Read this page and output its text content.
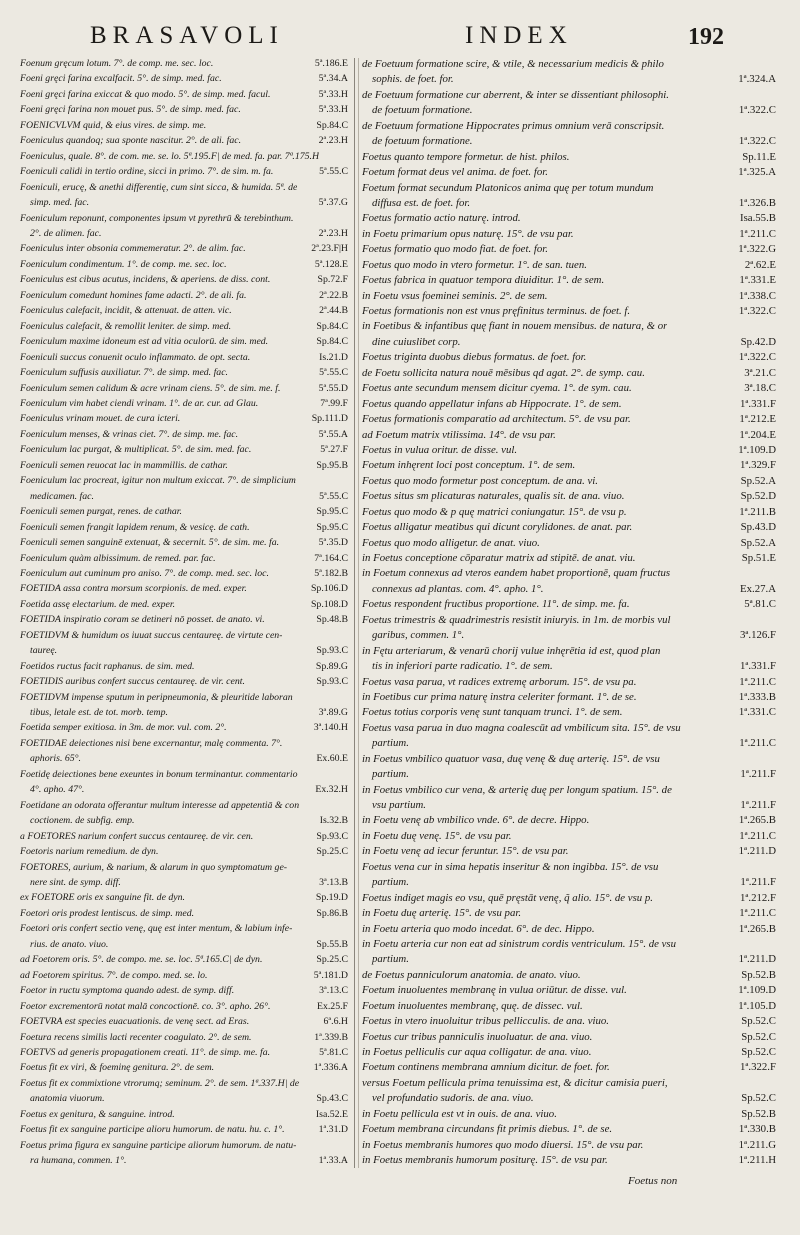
BRASAVOLI	INDEX	192
Foenum gręcum lotum. 7°. de comp. me. sec. loc.	5ª.186.E
Foeni gręci farina excalfacit. 5°. de simp. med. fac.	5ª.34.A
Foeni gręci farina exiccat & quo modo. 5°. de simp. med. facul.	5ª.33.H
Foeni gręci farina non mouet pus. 5°. de simp. med. fac.	5ª.33.H
FOENICVLVM quid, & eius vires. de simp. me.	Sp.84.C
Foeniculus quandoq; sua sponte nascitur. 2°. de ali. fac.	2ª.23.H
Foeniculus, quale. 8°. de com. me. se. lo. 5ª.195.F| de med. fa. par. 7ª.175.H
Foeniculi calidi in tertio ordine, sicci in primo. 7°. de sim. m. fa.	5ª.55.C
Foeniculi, erucę, & anethi differentię, cum sint sicca, & humida. 5ª. de
simp. med. fac.	5ª.37.G
Foeniculum reponunt, componentes ipsum vt pyrethrū & terebinthum.
2°. de alimen. fac.	2ª.23.H
Foeniculus inter obsonia commemeratur. 2°. de alim. fac.	2ª.23.F|H
Foeniculum condimentum. 1°. de comp. me. sec. loc.	5ª.128.E
Foeniculus est cibus acutus, incidens, & aperiens. de diss. cont.	Sp.72.F
Foeniculum comedunt homines fame adacti. 2°. de ali. fa.	2ª.22.B
Foeniculus calefacit, incidit, & attenuat. de atten. vic.	2ª.44.B
Foeniculus calefacit, & remollit leniter. de simp. med.	Sp.84.C
Foeniculum maxime idoneum est ad vitia oculorū. de sim. med.	Sp.84.C
Foeniculi succus conuenit oculo inflammato. de opt. secta.	Is.21.D
Foeniculum suffusis auxiliatur. 7°. de simp. med. fac.	5ª.55.C
Foeniculum semen calidum & acre vrinam ciens. 5°. de sim. me. f.	5ª.55.D
Foeniculum vim habet ciendi vrinam. 1°. de ar. cur. ad Glau.	7ª.99.F
Foeniculus vrinam mouet. de cura icteri.	Sp.111.D
Foeniculum menses, & vrinas ciet. 7°. de simp. me. fac.	5ª.55.A
Foeniculum lac purgat, & multiplicat. 5°. de sim. med. fac.	5ª.27.F
Foeniculi semen reuocat lac in mammillis. de cathar.	Sp.95.B
Foeniculum lac procreat, igitur non multum exiccat. 7°. de simplicium
medicamen. fac.	5ª.55.C
Foeniculi semen purgat, renes. de cathar.	Sp.95.C
Foeniculi semen frangit lapidem renum, & vesicę. de cath.	Sp.95.C
Foeniculi semen sanguinē extenuat, & secernit. 5°. de sim. me. fa.	5ª.35.D
Foeniculum quàm albissimum. de remed. par. fac.	7ª.164.C
Foeniculum aut cuminum pro aniso. 7°. de comp. med. sec. loc.	5ª.182.B
FOETIDA assa contra morsum scorpionis. de med. exper.	Sp.106.D
Foetida assę electarium. de med. exper.	Sp.108.D
FOETIDA inspiratio coram se detineri nō posset. de anato. vi.	Sp.48.B
FOETIDVM & humidum os iuuat succus centaureę. de virtute cen-
taureę.	Sp.93.C
Foetidos ructus facit raphanus. de sim. med.	Sp.89.G
FOETIDIS auribus confert succus centaureę. de vir. cent.	Sp.93.C
FOETIDVM impense sputum in peripneumonia, & pleuritide laboran
tibus, letale est. de tot. morb. temp.	3ª.89.G
Foetida semper exitiosa. in 3m. de mor. vul. com. 2°.	3ª.140.H
FOETIDAE deiectiones nisi bene excernantur, malę commenta. 7°.
aphoris. 65°.	Ex.60.E
Foetidę deiectiones bene exeuntes in bonum terminantur. commentario
4°. apho. 47°.	Ex.32.H
Foetidane an odorata offerantur multum interesse ad appetentiā & con
coctionem. de subfig. emp.	Is.32.B
a FOETORES narium confert succus centaureę. de vir. cen.	Sp.93.C
Foetoris narium remedium. de dyn.	Sp.25.C
FOETORES, aurium, & narium, & alarum in quo symptomatum ge-
nere sint. de symp. diff.	3ª.13.B
ex FOETORE oris ex sanguine fit. de dyn.	Sp.19.D
Foetori oris prodest lentiscus. de simp. med.	Sp.86.B
Foetori oris confert sectio venę, quę est inter mentum, & labium infe-
rius. de anato. viuo.	Sp.55.B
ad Foetorem oris. 5°. de compo. me. se. loc. 5ª.165.C| de dyn.	Sp.25.C
ad Foetorem spiritus. 7°. de compo. med. se. lo.	5ª.181.D
Foetor in ructu symptoma quando adest. de symp. diff.	3ª.13.C
Foetor excrementorū notat malā concoctionē. co. 3°. apho. 26°.	Ex.25.F
FOETVRA est species euacuationis. de venę sect. ad Eras.	6ª.6.H
Foetura recens similis lacti recenter coagulato. 2°. de sem.	1ª.339.B
FOETVS ad generis propagationem creati. 11°. de simp. me. fa.	5ª.81.C
Foetus fit ex viri, & foeminę genitura. 2°. de sem.	1ª.336.A
Foetus fit ex commixtione vtrorumq; seminum. 2°. de sem. 1ª.337.H| de
anatomia viuorum.	Sp.43.C
Foetus ex genitura, & sanguine. introd.	Isa.52.E
Foetus fit ex sanguine participe alioru humorum. de natu. hu. c. 1°.	1ª.31.D
Foetus prima figura ex sanguine participe aliorum humorum. de natu-
ra humana, commen. 1°.	1ª.33.A
de Foetuum formatione scire, & vtile, & necessarium medicis & philo
sophis. de foet. for.	1ª.324.A
de Foetuum formatione cur aberrent, & inter se dissentiant philosophi.
de foetuum formatione.	1ª.322.C
de Foetuum formatione Hippocrates primus omnium verā conscripsit.
de foetuum formatione.	1ª.322.C
Foetus quanto tempore formetur. de hist. philos.	Sp.11.E
Foetum format deus vel anima. de foet. for.	1ª.325.A
Foetum format secundum Platonicos anima quę per totum mundum
diffusa est. de foet. for.	1ª.326.B
Foetus formatio actio naturę. introd.	Isa.55.B
in Foetu primarium opus naturę. 15°. de vsu par.	1ª.211.C
Foetus formatio quo modo fiat. de foet. for.	1ª.322.G
Foetus quo modo in vtero formetur. 1°. de san. tuen.	2ª.62.E
Foetus fabrica in quatuor tempora diuiditur. 1°. de sem.	1ª.331.E
in Foetu vsus foeminei seminis. 2°. de sem.	1ª.338.C
Foetus formationis non est vnus pręfinitus terminus. de foet. f.	1ª.322.C
in Foetibus & infantibus quę fiant in nouem mensibus. de natura, & or
dine cuiuslibet corp.	Sp.42.D
Foetus triginta duobus diebus formatus. de foet. for.	1ª.322.C
de Foetu sollicita natura nouē mēsibus qd agat. 2°. de symp. cau.	3ª.21.C
Foetus ante secundum mensem dicitur cyema. 1°. de sym. cau.	3ª.18.C
Foetus quando appellatur infans ab Hippocrate. 1°. de sem.	1ª.331.F
Foetus formationis comparatio ad architectum. 5°. de vsu par.	1ª.212.E
ad Foetum matrix vtilissima. 14°. de vsu par.	1ª.204.E
Foetus in vulua oritur. de disse. vul.	1ª.109.D
Foetum inhęrent loci post conceptum. 1°. de sem.	1ª.329.F
Foetus quo modo formetur post conceptum. de ana. vi.	Sp.52.A
Foetus situs sm plicaturas naturales, qualis sit. de ana. viuo.	Sp.52.D
Foetus quo modo & p quę matrici coniungatur. 15°. de vsu p.	1ª.211.B
Foetus alligatur meatibus qui dicunt corylidones. de anat. par.	Sp.43.D
Foetus quo modo alligetur. de anat. viuo.	Sp.52.A
in Foetus conceptione cōparatur matrix ad stipitē. de anat. viu.	Sp.51.E
in Foetum connexus ad vteros eandem habet proportionē, quam fructus
connexus ad plantas. com. 4°. apho. 1°.	Ex.27.A
Foetus respondent fructibus proportione. 11°. de simp. me. fa.	5ª.81.C
Foetus trimestris & quadrimestris resistit iniuryis. in 1m. de morbis vul
garibus, commen. 1°.	3ª.126.F
in Fętu arteriarum, & venarū chorij vulue inhęrētia id est, quod plan
tis in inferiori parte radicatio. 1°. de sem.	1ª.331.F
Foetus vasa parua, vt radices extremę arborum. 15°. de vsu pa.	1ª.211.C
in Foetibus cur prima naturę instra celeriter formant. 1°. de se.	1ª.333.B
Foetus totius corporis venę sunt tanquam trunci. 1°. de sem.	1ª.331.C
Foetus vasa parua in duo magna coalescūt ad vmbilicum sita. 15°. de vsu
partium.	1ª.211.C
in Foetus vmbilico quatuor vasa, duę venę & duę arterię. 15°. de vsu
partium.	1ª.211.F
in Foetus vmbilico cur vena, & arterię duę per longum spatium. 15°. de
vsu partium.	1ª.211.F
in Foetu venę ab vmbilico vnde. 6°. de decre. Hippo.	1ª.265.B
in Foetu duę venę. 15°. de vsu par.	1ª.211.C
in Foetu venę ad iecur feruntur. 15°. de vsu par.	1ª.211.D
Foetus vena cur in sima hepatis inseritur & non ingibba. 15°. de vsu
partium.	1ª.211.F
Foetus indiget magis eo vsu, quē pręstāt venę, q̃ alio. 15°. de vsu p.	1ª.212.F
in Foetu duę arterię. 15°. de vsu par.	1ª.211.C
in Foetu arteria quo modo incedat. 6°. de dec. Hippo.	1ª.265.B
in Foetu arteria cur non eat ad sinistrum cordis ventriculum. 15°. de vsu
partium.	1ª.211.D
de Foetus panniculorum anatomia. de anato. viuo.	Sp.52.B
Foetum inuoluentes membranę in vulua oriūtur. de disse. vul.	1ª.109.D
Foetum inuoluentes membranę, quę. de dissec. vul.	1ª.105.D
Foetus in vtero inuoluitur tribus pellicculis. de ana. viuo.	Sp.52.C
Foetus cur tribus panniculis inuoluatur. de ana. viuo.	Sp.52.C
in Foetus pelliculis cur aqua colligatur. de ana. viuo.	Sp.52.C
Foetum continens membrana amnium dicitur. de foet. for.	1ª.322.F
versus Foetum pellicula prima tenuissima est, & dicitur camisia pueri,
vel profundatio sudoris. de ana. viuo.	Sp.52.C
in Foetu pellicula est vt in ouis. de ana. viuo.	Sp.52.B
Foetum membrana circundans fit primis diebus. 1°. de se.	1ª.330.B
in Foetus membranis humores quo modo diuersi. 15°. de vsu par.	1ª.211.G
in Foetus membranis humorum positurę. 15°. de vsu par.	1ª.211.H
Foetus non
